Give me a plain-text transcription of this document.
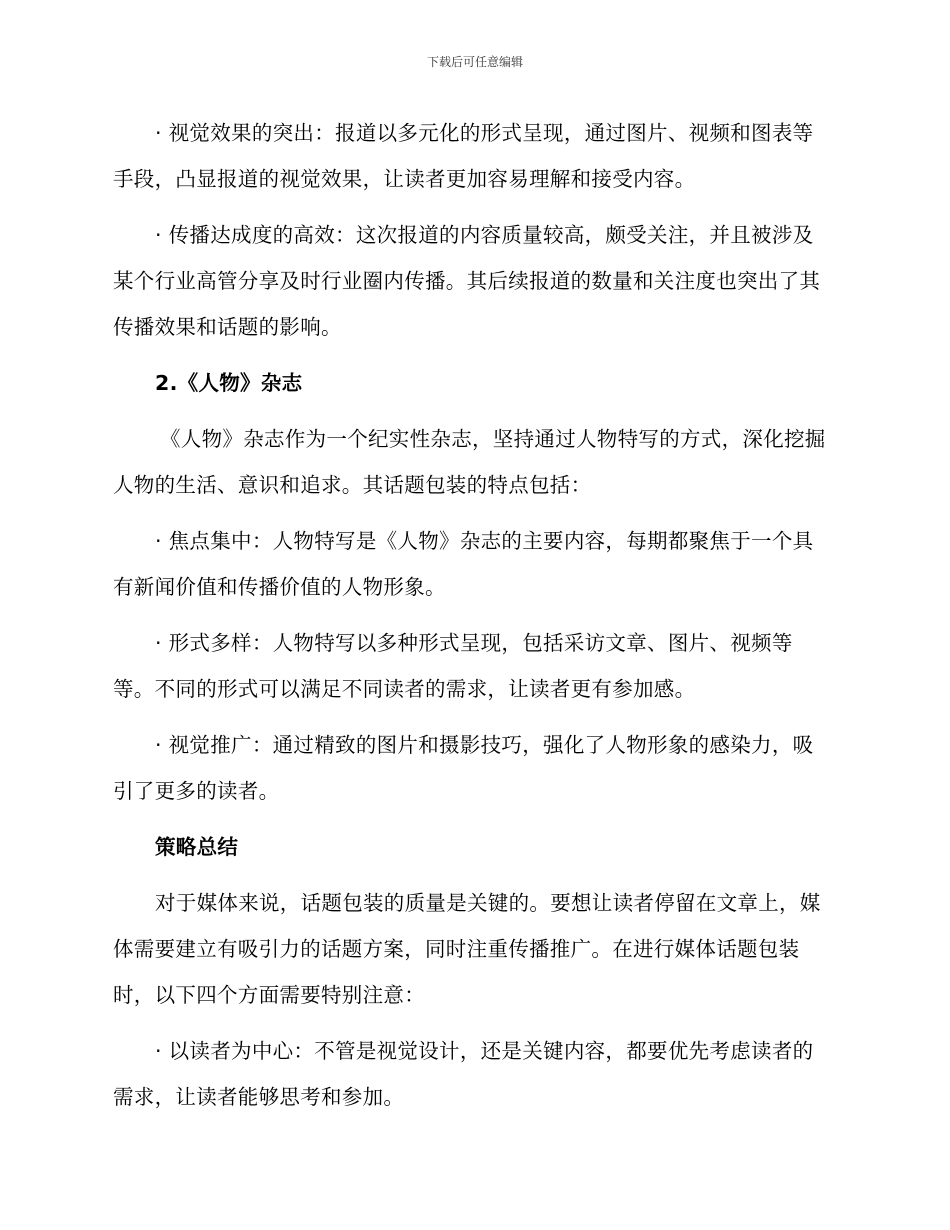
下载后可任意编辑

· 视觉效果的突出：报道以多元化的形式呈现，通过图片、视频和图表等手段，凸显报道的视觉效果，让读者更加容易理解和接受内容。

· 传播达成度的高效：这次报道的内容质量较高，颇受关注，并且被涉及某个行业高管分享及时行业圈内传播。其后续报道的数量和关注度也突出了其传播效果和话题的影响。

2.《人物》杂志

《人物》杂志作为一个纪实性杂志，坚持通过人物特写的方式，深化挖掘人物的生活、意识和追求。其话题包装的特点包括：

· 焦点集中：人物特写是《人物》杂志的主要内容，每期都聚焦于一个具有新闻价值和传播价值的人物形象。

· 形式多样：人物特写以多种形式呈现，包括采访文章、图片、视频等等。不同的形式可以满足不同读者的需求，让读者更有参加感。

· 视觉推广：通过精致的图片和摄影技巧，强化了人物形象的感染力，吸引了更多的读者。

策略总结

对于媒体来说，话题包装的质量是关键的。要想让读者停留在文章上，媒体需要建立有吸引力的话题方案，同时注重传播推广。在进行媒体话题包装时，以下四个方面需要特别注意：

· 以读者为中心：不管是视觉设计，还是关键内容，都要优先考虑读者的需求，让读者能够思考和参加。
